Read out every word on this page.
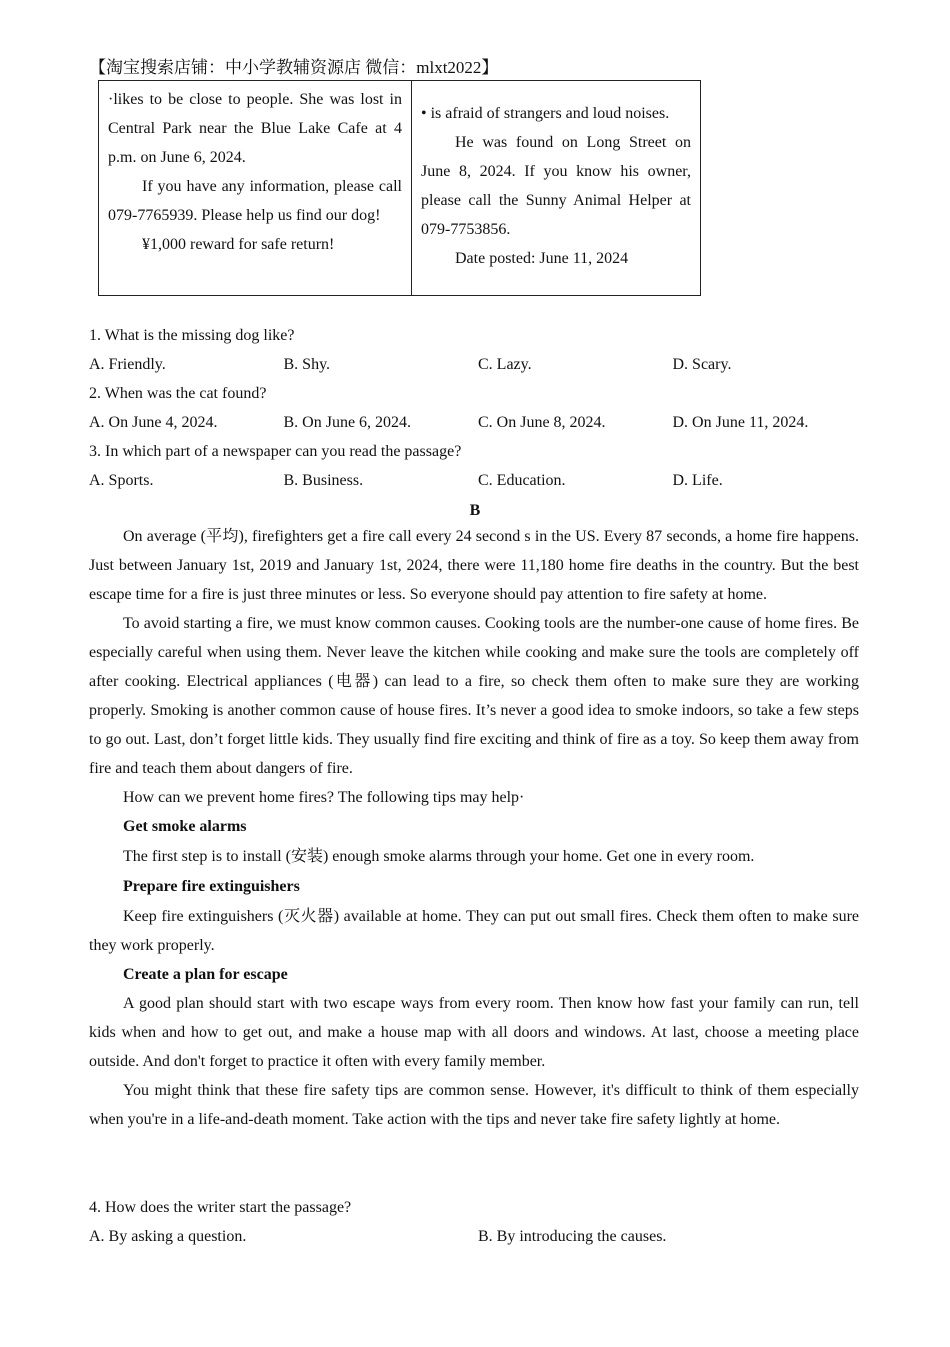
【淘宝搜索店铺：中小学教辅资源店 微信：mlxt2022】

·likes to be close to people. She was lost in Central Park near the Blue Lake Cafe at 4 p.m. on June 6, 2024.

If you have any information, please call 079-7765939. Please help us find our dog!

¥1,000 reward for safe return!

• is afraid of strangers and loud noises.

He was found on Long Street on June 8, 2024. If you know his owner, please call the Sunny Animal Helper at 079-7753856.

Date posted: June 11, 2024

1. What is the missing dog like?

A. Friendly.	B. Shy.	C. Lazy.	D. Scary.

2. When was the cat found?

A. On June 4, 2024.	B. On June 6, 2024.	C. On June 8, 2024.	D. On June 11, 2024.

3. In which part of a newspaper can you read the passage?

A. Sports.	B. Business.	C. Education.	D. Life.

B

On average (平均), firefighters get a fire call every 24 second s in the US. Every 87 seconds, a home fire happens. Just between January 1st, 2019 and January 1st, 2024, there were 11,180 home fire deaths in the country. But the best escape time for a fire is just three minutes or less. So everyone should pay attention to fire safety at home.

To avoid starting a fire, we must know common causes. Cooking tools are the number-one cause of home fires. Be especially careful when using them. Never leave the kitchen while cooking and make sure the tools are completely off after cooking. Electrical appliances (电器) can lead to a fire, so check them often to make sure they are working properly. Smoking is another common cause of house fires. It’s never a good idea to smoke indoors, so take a few steps to go out. Last, don’t forget little kids. They usually find fire exciting and think of fire as a toy. So keep them away from fire and teach them about dangers of fire.

How can we prevent home fires? The following tips may help·

Get smoke alarms

The first step is to install (安装) enough smoke alarms through your home. Get one in every room.

Prepare fire extinguishers

Keep fire extinguishers (灭火器) available at home. They can put out small fires. Check them often to make sure they work properly.

Create a plan for escape

A good plan should start with two escape ways from every room. Then know how fast your family can run, tell kids when and how to get out, and make a house map with all doors and windows. At last, choose a meeting place outside. And don't forget to practice it often with every family member.

You might think that these fire safety tips are common sense. However, it's difficult to think of them especially when you're in a life-and-death moment. Take action with the tips and never take fire safety lightly at home.

4. How does the writer start the passage?

A. By asking a question.	B. By introducing the causes.
